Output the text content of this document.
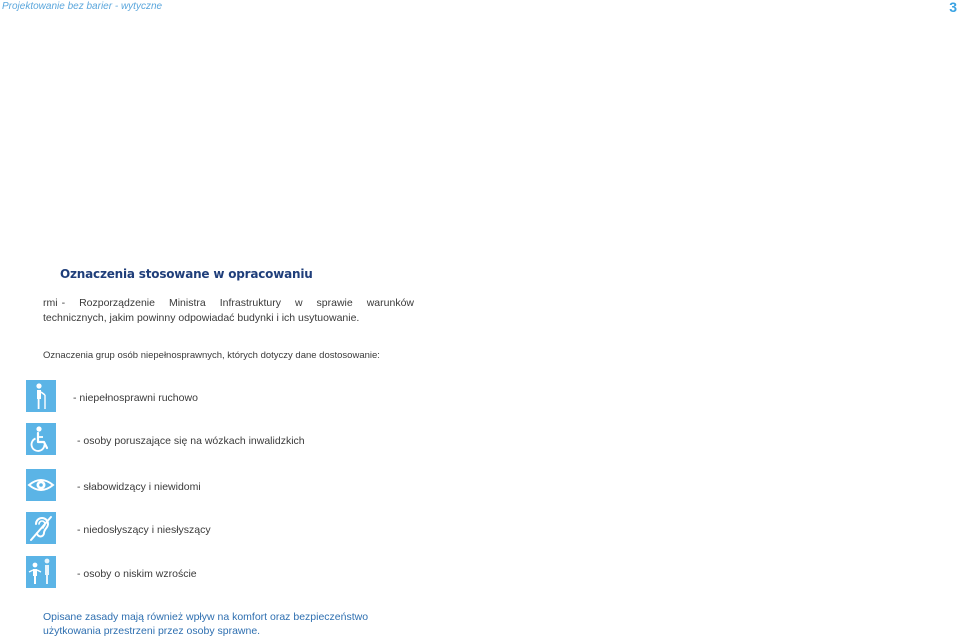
Projektowanie bez barier - wytyczne	3
Oznaczenia stosowane w opracowaniu
rmi - Rozporządzenie Ministra Infrastruktury w sprawie warunków technicznych, jakim powinny odpowiadać budynki i ich usytuowanie.
Oznaczenia grup osób niepełnosprawnych, których dotyczy dane dostosowanie:
- niepełnosprawni ruchowo
- osoby poruszające się na wózkach inwalidzkich
- słabowidzący i niewidomi
- niedosłyszący i niesłyszący
- osoby o niskim wzroście
Opisane zasady mają również wpływ na komfort oraz bezpieczeństwo użytkowania przestrzeni przez osoby sprawne.
